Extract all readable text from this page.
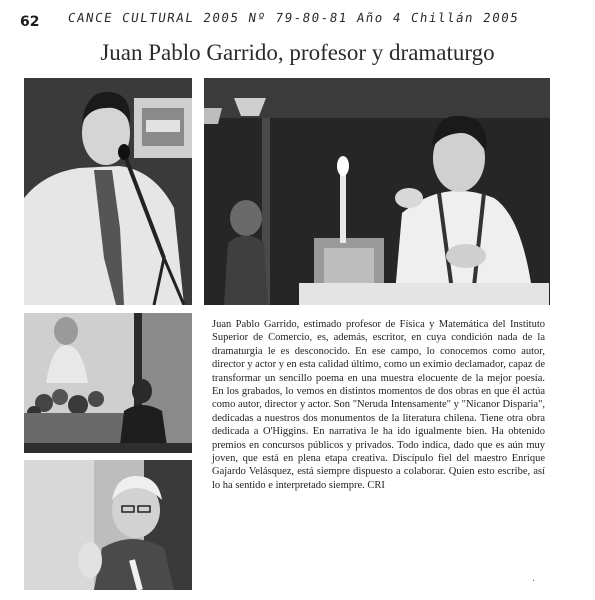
62 CANCE CULTURAL 2005 Nº 79-80-81 Año 4 Chillán 2005
Juan Pablo Garrido, profesor y dramaturgo
Juan Pablo Garrido, estimado profesor de Física y Matemática del Instituto Superior de Comercio, es, además, escritor, en cuya condición nada de la dramaturgia le es desconocido. En ese campo, lo conocemos como autor, director y actor y en esta calidad último, como un eximio declamador, capaz de transformar un sencillo poema en una muestra elocuente de la mejor poesía. En los grabados, lo vemos en distintos momentos de dos obras en que él actúa como autor, director y actor. Son "Neruda Intensamente" y "Nicanor Disparia", dedicadas a nuestros dos monumentos de la literatura chilena. Tiene otra obra dedicada a O'Higgins. En narrativa le ha ido igualmente bien. Ha obtenido premios en concursos públicos y privados. Todo indica, dado que es aún muy joven, que está en plena etapa creativa. Discípulo fiel del maestro Enrique Gajardo Velásquez, está siempre dispuesto a colaborar. Quien esto escribe, así lo ha sentido e interpretado siempre. CRI
·
